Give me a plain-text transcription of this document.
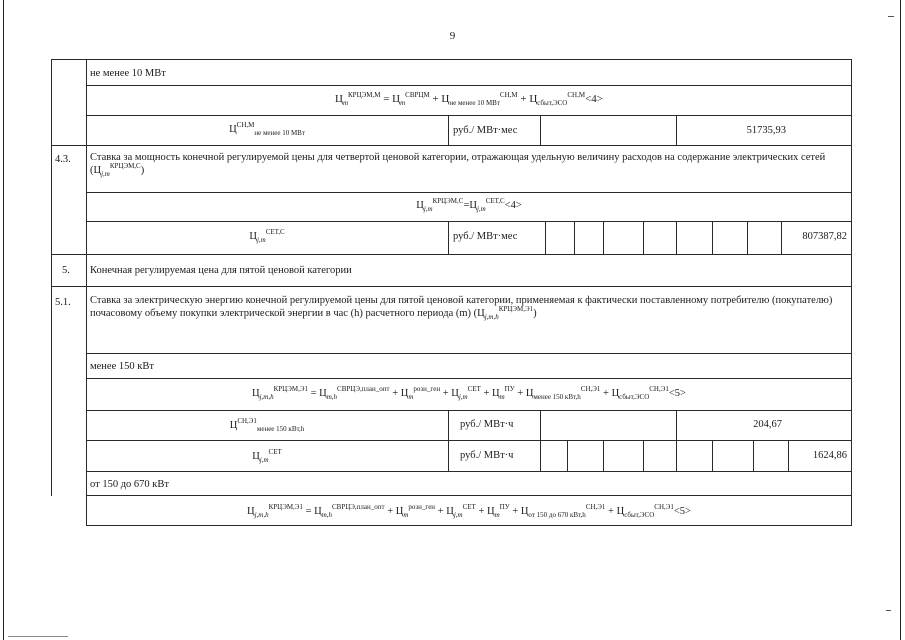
9
не менее 10 МВт
$Ц_m^{КРЦЭМ,М} = Ц_m^{СВРЦМ} + Ц_{не менее 10 МВт}^{СН,М} + Ц_{сбыт,ЭСО}^{СН,М}<4>$
$Ц^{СН,М}_{не менее 10 МВт}$	руб./ МВт·мес	51735,93
4.3. Ставка за мощность конечной регулируемой цены для четвертой ценовой категории, отражающая удельную величину расходов на содержание электрических сетей $(Ц_{j,m}^{КРЦЭМ,С})$
$Ц_{j,m}^{КРЦЭМ,С}=Ц_{j,m}^{СЕТ,С}<4>$
$Ц_{j,m}^{СЕТ,С}$	руб./ МВт·мес	807387,82
5. Конечная регулируемая цена для пятой ценовой категории
5.1. Ставка за электрическую энергию конечной регулируемой цены для пятой ценовой категории, применяемая к фактически поставленному потребителю (покупателю) почасовому объему покупки электрической энергии в час (h) расчетного периода (m) $(Ц_{j,m,h}^{КРЦЭМ,Э1})$
менее 150 кВт
$Ц_{j,m,h}^{КРЦЭМ,Э1} = Ц_{m,h}^{СВРЦЭ,план\_опт} + Ц_m^{розн\_ген} + Ц_{j,m}^{СЕТ} + Ц_m^{ПУ} + Ц_{менее 150 кВт,h}^{СН,Э1} + Ц_{сбыт,ЭСО}^{СН,Э1}<5>$
$Ц^{СН,Э1}_{менее 150 кВт,h}$	руб./ МВт·ч	204,67
$Ц_{j,m}^{СЕТ}$	руб./ МВт·ч	1624,86
от 150 до 670 кВт
$Ц_{j,m,h}^{КРЦЭМ,Э1} = Ц_{m,h}^{СВРЦЭ,план\_опт} + Ц_m^{розн\_ген} + Ц_{j,m}^{СЕТ} + Ц_m^{ПУ} + Ц_{от 150 до 670 кВт,h}^{СН,Э1} + Ц_{сбыт,ЭСО}^{СН,Э1}<5>$
